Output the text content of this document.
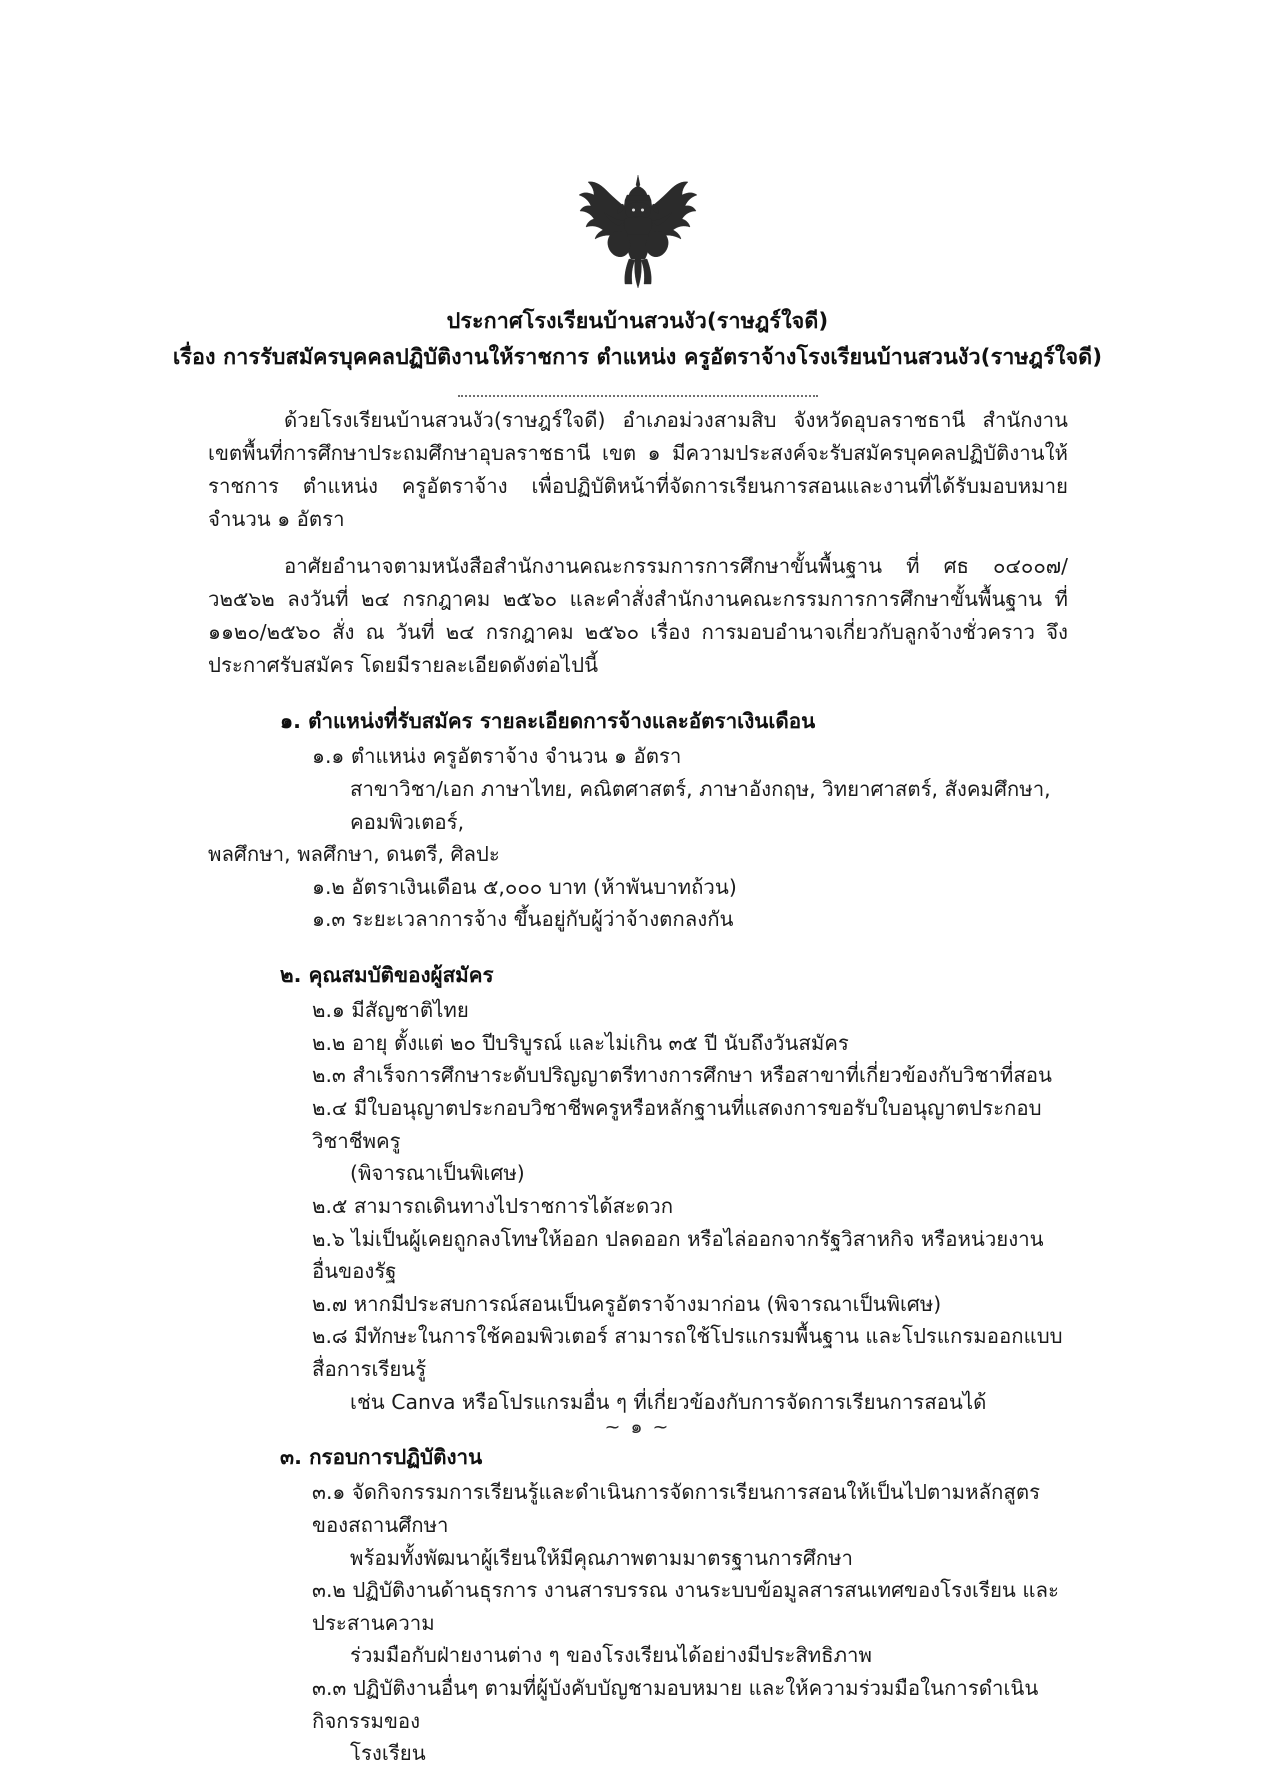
ประกาศโรงเรียนบ้านสวนงัว(ราษฎร์ใจดี)
เรื่อง การรับสมัครบุคคลปฏิบัติงานให้ราชการ ตำแหน่ง ครูอัตราจ้างโรงเรียนบ้านสวนงัว(ราษฎร์ใจดี)

ด้วยโรงเรียนบ้านสวนงัว(ราษฎร์ใจดี) อำเภอม่วงสามสิบ จังหวัดอุบลราชธานี สำนักงานเขตพื้นที่การศึกษาประถมศึกษาอุบลราชธานี เขต ๑ มีความประสงค์จะรับสมัครบุคคลปฏิบัติงานให้ราชการ ตำแหน่ง ครูอัตราจ้าง เพื่อปฏิบัติหน้าที่จัดการเรียนการสอนและงานที่ได้รับมอบหมาย จำนวน ๑ อัตรา

อาศัยอำนาจตามหนังสือสำนักงานคณะกรรมการการศึกษาขั้นพื้นฐาน ที่ ศธ ๐๔๐๐๗/ว๒๕๖๒ ลงวันที่ ๒๔ กรกฎาคม ๒๕๖๐ และคำสั่งสำนักงานคณะกรรมการการศึกษาขั้นพื้นฐาน ที่ ๑๑๒๐/๒๕๖๐ สั่ง ณ วันที่ ๒๔ กรกฎาคม ๒๕๖๐ เรื่อง การมอบอำนาจเกี่ยวกับลูกจ้างชั่วคราว จึงประกาศรับสมัคร โดยมีรายละเอียดดังต่อไปนี้

๑. ตำแหน่งที่รับสมัคร รายละเอียดการจ้างและอัตราเงินเดือน
๑.๑ ตำแหน่ง ครูอัตราจ้าง จำนวน ๑ อัตรา
สาขาวิชา/เอก ภาษาไทย, คณิตศาสตร์, ภาษาอังกฤษ, วิทยาศาสตร์, สังคมศึกษา, คอมพิวเตอร์,
พลศึกษา, พลศึกษา, ดนตรี, ศิลปะ
๑.๒ อัตราเงินเดือน ๕,๐๐๐ บาท (ห้าพันบาทถ้วน)
๑.๓ ระยะเวลาการจ้าง ขึ้นอยู่กับผู้ว่าจ้างตกลงกัน
๒. คุณสมบัติของผู้สมัคร
๒.๑ มีสัญชาติไทย
๒.๒ อายุ ตั้งแต่ ๒๐ ปีบริบูรณ์ และไม่เกิน ๓๕ ปี นับถึงวันสมัคร
๒.๓ สำเร็จการศึกษาระดับปริญญาตรีทางการศึกษา หรือสาขาที่เกี่ยวข้องกับวิชาที่สอน
๒.๔ มีใบอนุญาตประกอบวิชาชีพครูหรือหลักฐานที่แสดงการขอรับใบอนุญาตประกอบวิชาชีพครู
(พิจารณาเป็นพิเศษ)
๒.๕ สามารถเดินทางไปราชการได้สะดวก
๒.๖ ไม่เป็นผู้เคยถูกลงโทษให้ออก ปลดออก หรือไล่ออกจากรัฐวิสาหกิจ หรือหน่วยงานอื่นของรัฐ
๒.๗ หากมีประสบการณ์สอนเป็นครูอัตราจ้างมาก่อน (พิจารณาเป็นพิเศษ)
๒.๘ มีทักษะในการใช้คอมพิวเตอร์ สามารถใช้โปรแกรมพื้นฐาน และโปรแกรมออกแบบสื่อการเรียนรู้
เช่น Canva หรือโปรแกรมอื่น ๆ ที่เกี่ยวข้องกับการจัดการเรียนการสอนได้
๓. กรอบการปฏิบัติงาน
๓.๑ จัดกิจกรรมการเรียนรู้และดำเนินการจัดการเรียนการสอนให้เป็นไปตามหลักสูตรของสถานศึกษา
พร้อมทั้งพัฒนาผู้เรียนให้มีคุณภาพตามมาตรฐานการศึกษา
๓.๒ ปฏิบัติงานด้านธุรการ งานสารบรรณ งานระบบข้อมูลสารสนเทศของโรงเรียน และประสานความ
ร่วมมือกับฝ่ายงานต่าง ๆ ของโรงเรียนได้อย่างมีประสิทธิภาพ
๓.๓ ปฏิบัติงานอื่นๆ ตามที่ผู้บังคับบัญชามอบหมาย และให้ความร่วมมือในการดำเนินกิจกรรมของ
โรงเรียน
~ ๑ ~
